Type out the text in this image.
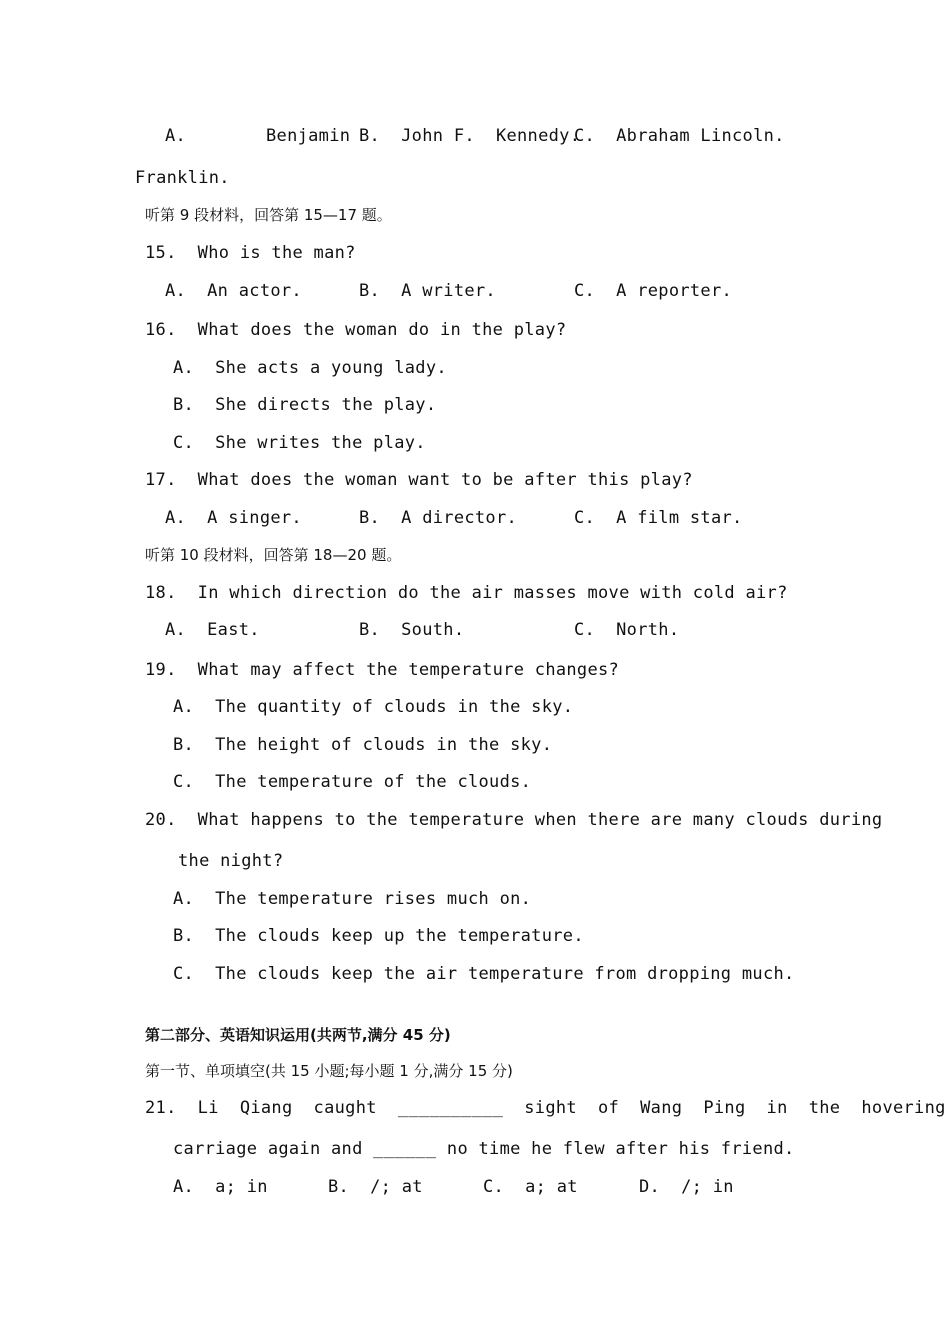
A.	Benjamin B.  John F.  Kennedy.
C.  Abraham Lincoln.
Franklin.
听第 9 段材料，回答第 15—17 题。
15.  Who is the man?
A.  An actor.	B.  A writer.	C.  A reporter.
16.  What does the woman do in the play?
A.  She acts a young lady.
B.  She directs the play.
C.  She writes the play.
17.  What does the woman want to be after this play?
A.  A singer.	B.  A director.	C.  A film star.
听第 10 段材料，回答第 18—20 题。
18.  In which direction do the air masses move with cold air?
A.  East.	B.  South.	C.  North.
19.  What may affect the temperature changes?
A.  The quantity of clouds in the sky.
B.  The height of clouds in the sky.
C.  The temperature of the clouds.
20.  What happens to the temperature when there are many clouds during
the night?
A.  The temperature rises much on.
B.  The clouds keep up the temperature.
C.  The clouds keep the air temperature from dropping much.
第二部分、英语知识运用(共两节,满分 45 分)
第一节、单项填空(共 15 小题;每小题 1 分,满分 15 分)
21.  Li  Qiang  caught  __________  sight  of  Wang  Ping  in  the  hovering
carriage again and ______ no time he flew after his friend.
A.  a; in	B.  /; at	C.  a; at	D.  /; in
